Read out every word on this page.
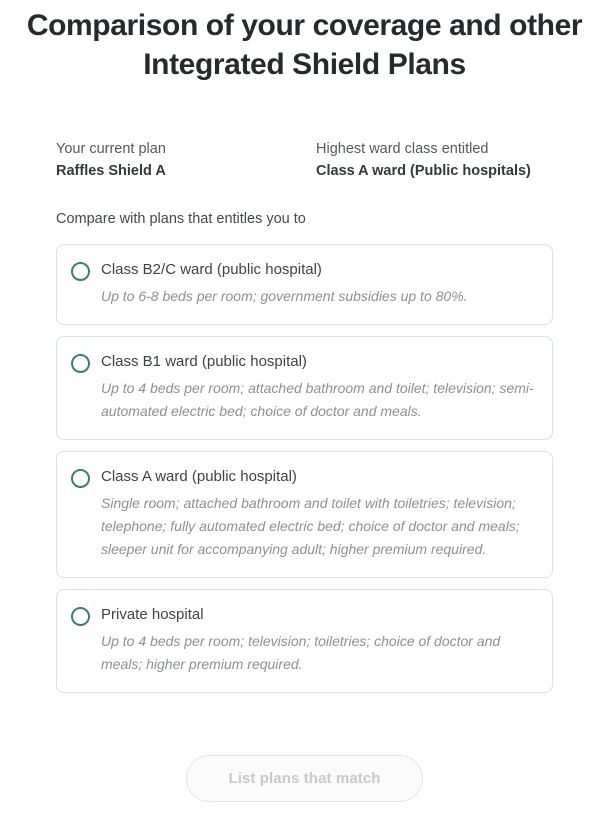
Comparison of your coverage and other Integrated Shield Plans
Your current plan
Raffles Shield A
Highest ward class entitled
Class A ward (Public hospitals)
Compare with plans that entitles you to
Class B2/C ward (public hospital)
Up to 6-8 beds per room; government subsidies up to 80%.
Class B1 ward (public hospital)
Up to 4 beds per room; attached bathroom and toilet; television; semi-automated electric bed; choice of doctor and meals.
Class A ward (public hospital)
Single room; attached bathroom and toilet with toiletries; television; telephone; fully automated electric bed; choice of doctor and meals; sleeper unit for accompanying adult; higher premium required.
Private hospital
Up to 4 beds per room; television; toiletries; choice of doctor and meals; higher premium required.
List plans that match
